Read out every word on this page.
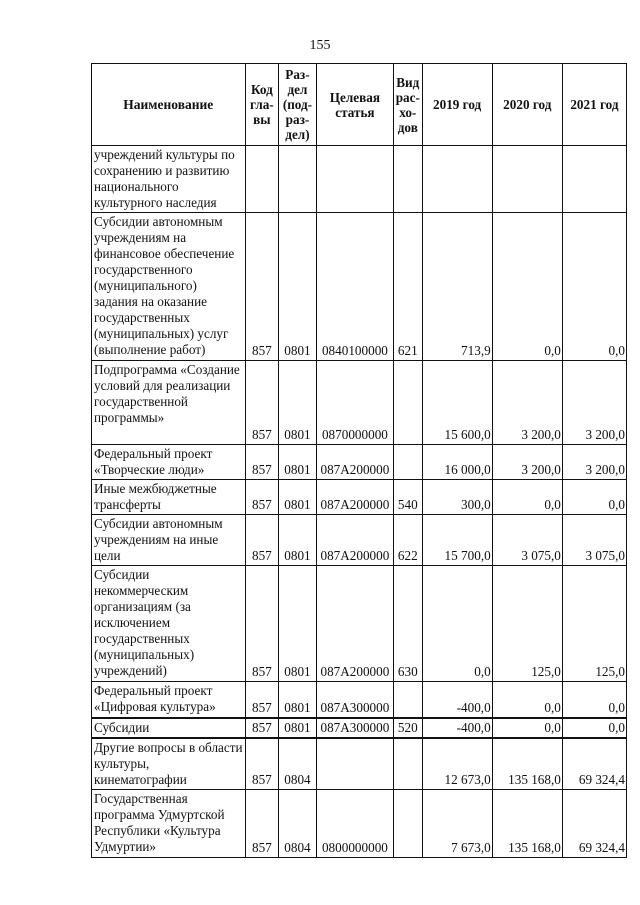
155
Наименование	Код гла-вы	Раз-дел (под-раз-дел)	Целевая статья	Вид рас-хо-дов	2019 год	2020 год	2021 год
учреждений культуры по сохранению и развитию национального культурного наследия							
Субсидии автономным учреждениям на финансовое обеспечение государственного (муниципального) задания на оказание государственных (муниципальных) услуг (выполнение работ)	857	0801	0840100000	621	713,9	0,0	0,0
Подпрограмма «Создание условий для реализации государственной программы»	857	0801	0870000000		15 600,0	3 200,0	3 200,0
Федеральный проект «Творческие люди»	857	0801	087А200000		16 000,0	3 200,0	3 200,0
Иные межбюджетные трансферты	857	0801	087А200000	540	300,0	0,0	0,0
Субсидии автономным учреждениям на иные цели	857	0801	087А200000	622	15 700,0	3 075,0	3 075,0
Субсидии некоммерческим организациям (за исключением государственных (муниципальных) учреждений)	857	0801	087А200000	630	0,0	125,0	125,0
Федеральный проект «Цифровая культура»	857	0801	087А300000		-400,0	0,0	0,0
Субсидии	857	0801	087А300000	520	-400,0	0,0	0,0
Другие вопросы в области культуры, кинематографии	857	0804			12 673,0	135 168,0	69 324,4
Государственная программа Удмуртской Республики «Культура Удмуртии»	857	0804	0800000000		7 673,0	135 168,0	69 324,4
